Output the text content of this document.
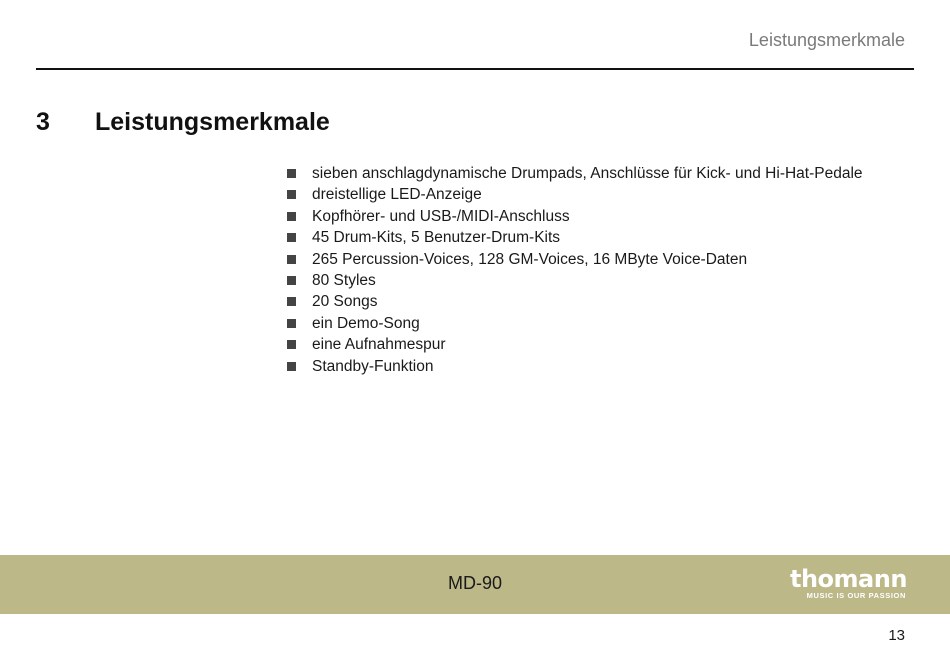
Leistungsmerkmale
3 Leistungsmerkmale
sieben anschlagdynamische Drumpads, Anschlüsse für Kick- und Hi-Hat-Pedale
dreistellige LED-Anzeige
Kopfhörer- und USB-/MIDI-Anschluss
45 Drum-Kits, 5 Benutzer-Drum-Kits
265 Percussion-Voices, 128 GM-Voices, 16 MByte Voice-Daten
80 Styles
20 Songs
ein Demo-Song
eine Aufnahmespur
Standby-Funktion
MD-90	thomann
MUSIC IS OUR PASSION
13
